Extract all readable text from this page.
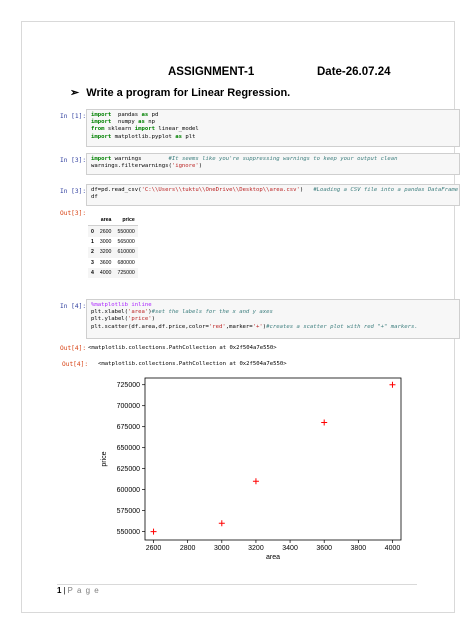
ASSIGNMENT-1	Date-26.07.24
➢ Write a program for Linear Regression.
In [1]: import  pandas as pd
import  numpy as np
from sklearn import linear_model
import matplotlib.pyplot as plt
In [3]: import warnings        #It seems like you're suppressing warnings to keep your output clean
warnings.filterwarnings('ignore')
In [3]: df=pd.read_csv('C:\\Users\\tuktu\\OneDrive\\Desktop\\area.csv')   #Loading a CSV file into a pandas DataFrame
df
Out[3]:
	area	price
0	2600	550000
1	3000	565000
2	3200	610000
3	3600	680000
4	4000	725000
In [4]: %matplotlib inline
plt.xlabel('area')#set the labels for the x and y axes
plt.ylabel('price')
plt.scatter(df.area,df.price,color='red',marker='+')#creates a scatter plot with red "+" markers.
Out[4]: <matplotlib.collections.PathCollection at 0x2f504a7e550>
Out[4]: <matplotlib.collections.PathCollection at 0x2f504a7e550>
2600	2800	3000	3200	3400	3600	3800	4000
550000
575000
600000
625000
650000
675000
700000
725000
area
price
1 | P a g e
